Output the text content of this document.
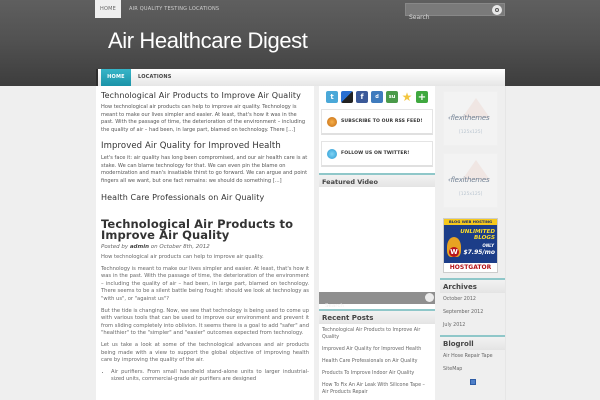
HOME	AIR QUALITY TESTING LOCATIONS
Search
Air Healthcare Digest
HOME	LOCATIONS
Technological Air Products to Improve Air Quality
How technological air products can help to improve air quality. Technology is meant to make our lives simpler and easier. At least, that's how it was in the past. With the passage of time, the deterioration of the environment – including the quality of air – had been, in large part, blamed on technology. There [...]
Improved Air Quality for Improved Health
Let's face it: air quality has long been compromised, and our air health care is at stake. We can blame technology for that. We can even pin the blame on modernization and man's insatiable thirst to go forward. We can argue and point fingers all we want, but one fact remains: we should do something [...]
Health Care Professionals on Air Quality
Technological Air Products to Improve Air Quality
Posted by admin on October 8th, 2012

How technological air products can help to improve air quality.

Technology is meant to make our lives simpler and easier. At least, that's how it was in the past. With the passage of time, the deterioration of the environment – including the quality of air – had been, in large part, blamed on technology. There seems to be a silent battle being fought: should we look at technology as "with us", or "against us"?

But the tide is changing. Now, we see that technology is being used to come up with various tools that can be used to improve our environment and prevent it from sliding completely into oblivion. It seems there is a goal to add "safer" and "healthier" to the "simpler" and "easier" outcomes expected from technology.

Let us take a look at some of the technological advances and air products being made with a view to support the global objective of improving health care by improving the quality of the air.

• Air purifiers. From small handheld stand-alone units to larger industrial-sized units, commercial-grade air purifiers are designed
t	f	d	su ★ +
SUBSCRIBE TO OUR RSS FEED!
FOLLOW US ON TWITTER!
Featured Video
Search
Recent Posts
Technological Air Products to Improve Air Quality
Improved Air Quality for Improved Health
Health Care Professionals on Air Quality
Products To Improve Indoor Air Quality
How To Fix An Air Leak With Silicone Tape – Air Products Repair
‹flexithemes
[125x125]
‹flexithemes
[125x125]
BLOG WEB HOSTING
UNLIMITED
BLOGS
ONLY
$7.95/mo
W
HOSTGATOR
Archives
October 2012
September 2012
July 2012
Blogroll
Air Hose Repair Tape
SiteMap
